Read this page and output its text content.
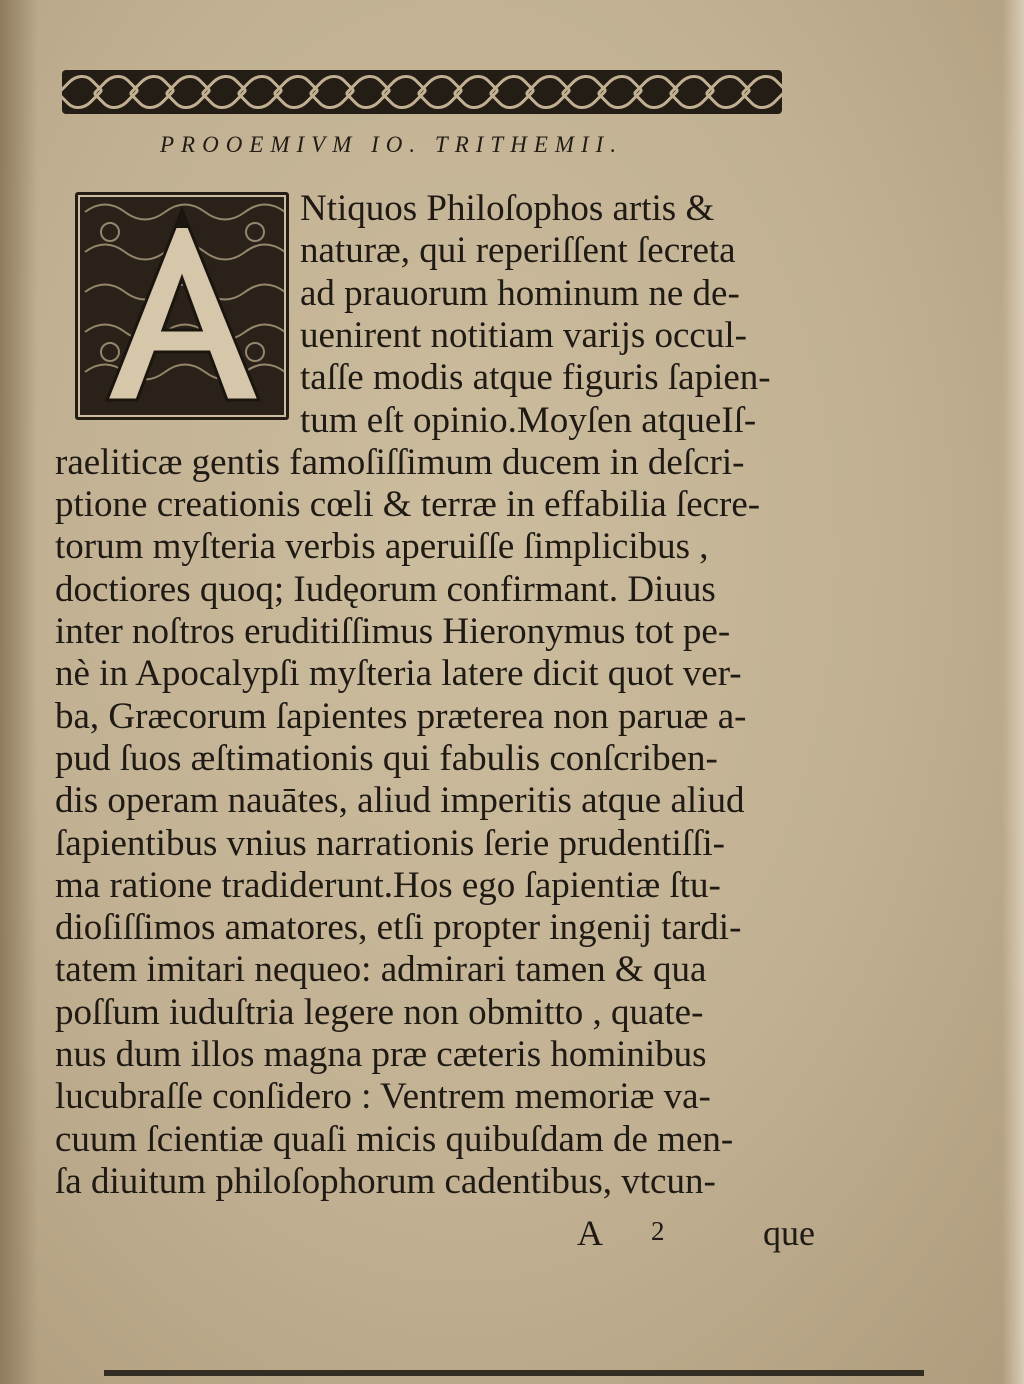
PROOEMIVM IO. TRITHEMII.
Ntiquos Philoſophos artis &
naturæ, qui reperiſſent ſecreta
ad prauorum hominum ne de-
uenirent notitiam varijs occul-
taſſe modis atque figuris ſapien-
tum eſt opinio.Moyſen atqueIſ-
raeliticæ gentis famoſiſſimum ducem in deſcri-
ptione creationis cœli & terræ in effabilia ſecre-
torum myſteria verbis aperuiſſe ſimplicibus ,
doctiores quoq; Iudęorum confirmant. Diuus
inter noſtros eruditiſſimus Hieronymus tot pe-
nè in Apocalypſi myſteria latere dicit quot ver-
ba, Græcorum ſapientes præterea non paruæ a-
pud ſuos æſtimationis qui fabulis conſcriben-
dis operam nauātes, aliud imperitis atque aliud
ſapientibus vnius narrationis ſerie prudentiſſi-
ma ratione tradiderunt.Hos ego ſapientiæ ſtu-
dioſiſſimos amatores, etſi propter ingenij tardi-
tatem imitari nequeo: admirari tamen & qua
poſſum iuduſtria legere non obmitto , quate-
nus dum illos magna præ cæteris hominibus
lucubraſſe conſidero : Ventrem memoriæ va-
cuum ſcientiæ quaſi micis quibuſdam de men-
ſa diuitum philoſophorum cadentibus, vtcun-
A 2	que
